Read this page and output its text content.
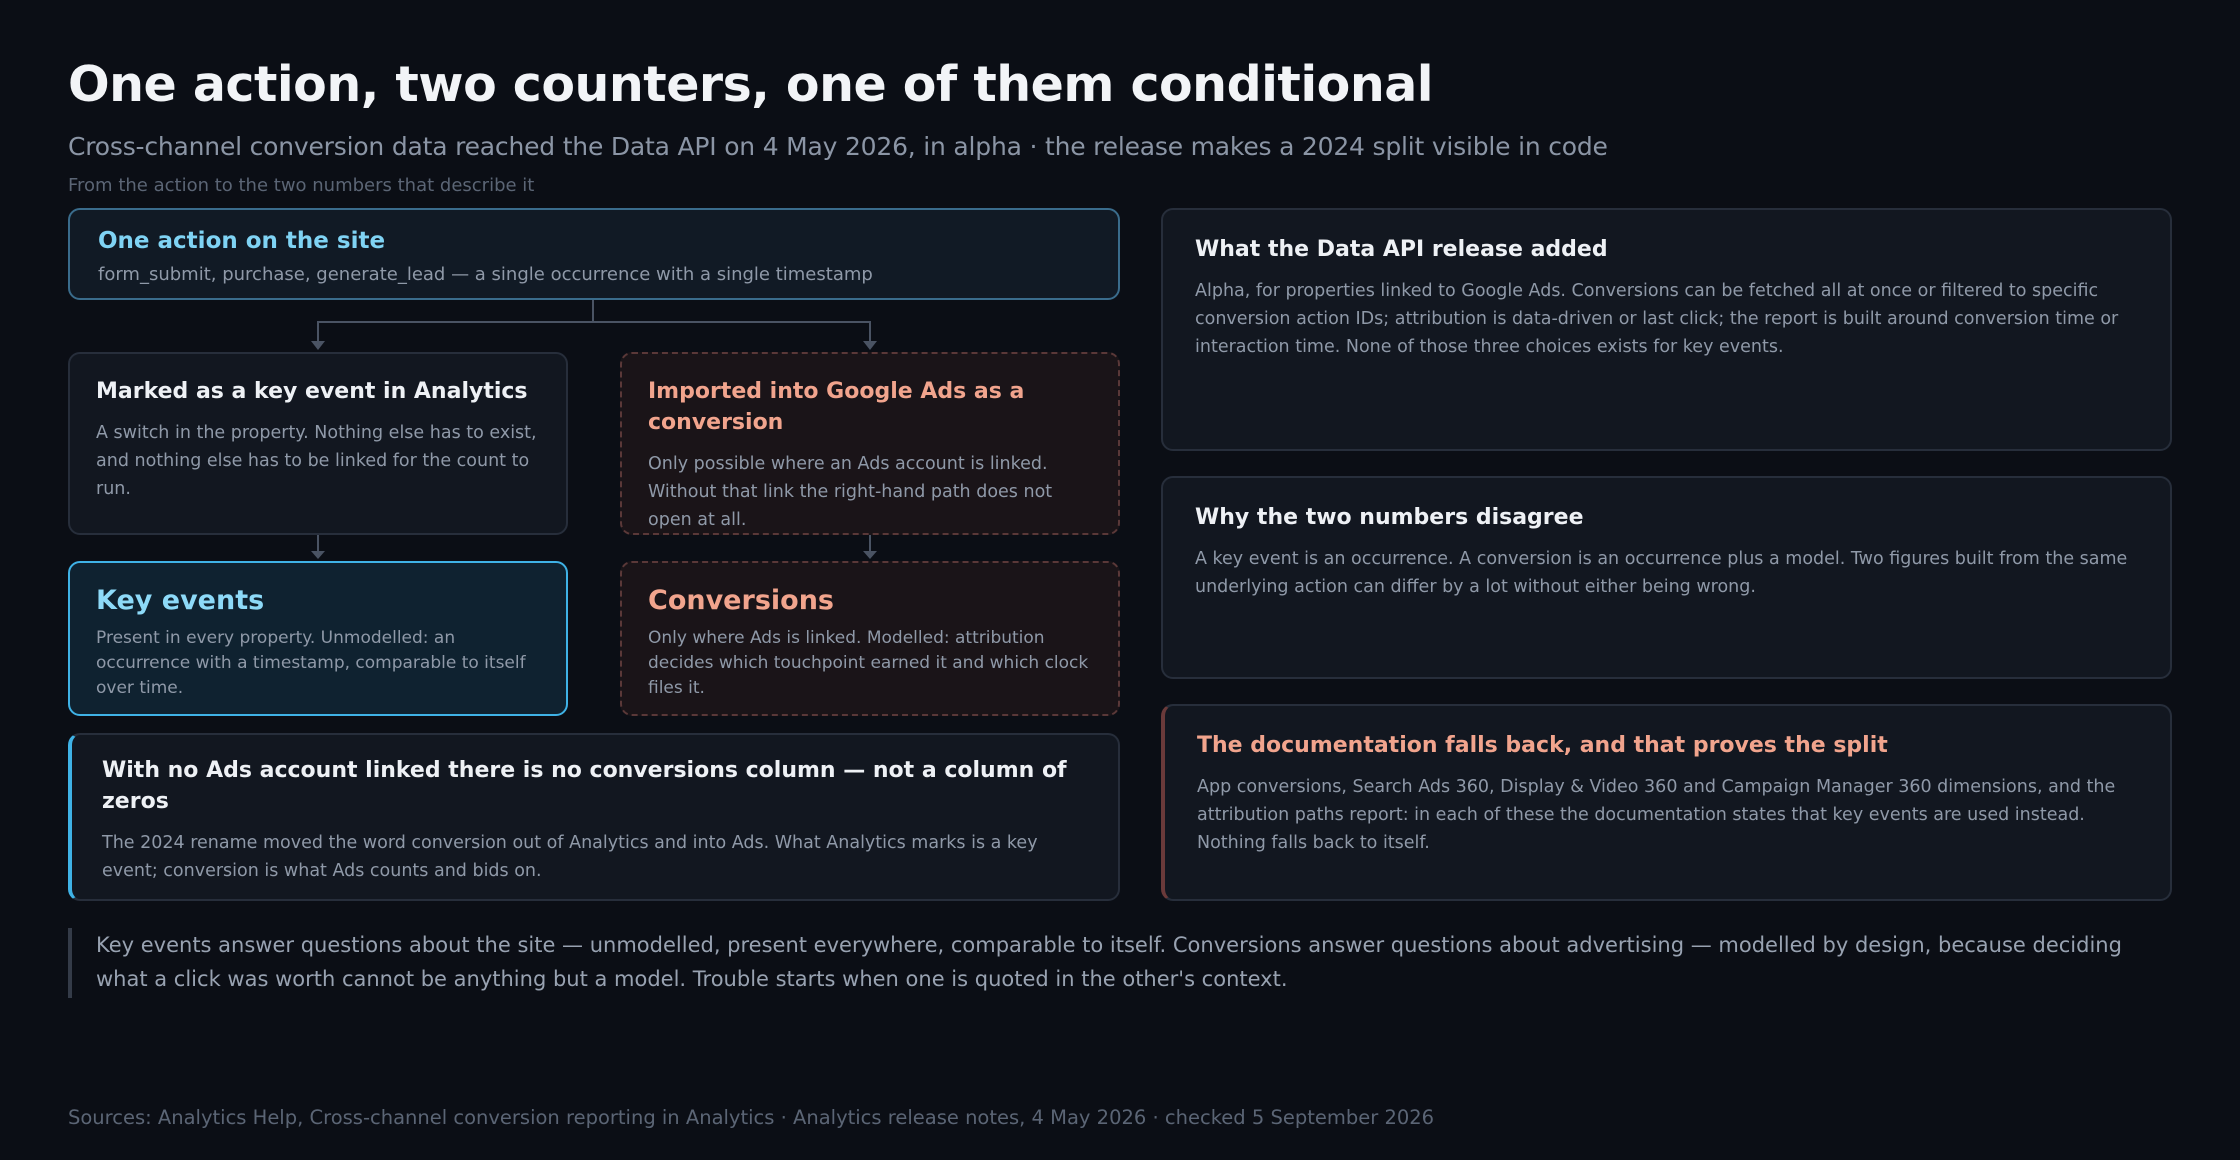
One action, two counters, one of them conditional
Cross-channel conversion data reached the Data API on 4 May 2026, in alpha · the release makes a 2024 split visible in code
From the action to the two numbers that describe it
One action on the site

form_submit, purchase, generate_lead — a single occurrence with a single timestamp

Marked as a key event in Analytics

A switch in the property. Nothing else has to exist, and nothing else has to be linked for the count to run.

Imported into Google Ads as a conversion

Only possible where an Ads account is linked. Without that link the right-hand path does not open at all.

Key events

Present in every property. Unmodelled: an occurrence with a timestamp, comparable to itself over time.

Conversions

Only where Ads is linked. Modelled: attribution decides which touchpoint earned it and which clock files it.

With no Ads account linked there is no conversions column — not a column of zeros

The 2024 rename moved the word conversion out of Analytics and into Ads. What Analytics marks is a key event; conversion is what Ads counts and bids on.

What the Data API release added

Alpha, for properties linked to Google Ads. Conversions can be fetched all at once or filtered to specific conversion action IDs; attribution is data-driven or last click; the report is built around conversion time or interaction time. None of those three choices exists for key events.

Why the two numbers disagree

A key event is an occurrence. A conversion is an occurrence plus a model. Two figures built from the same underlying action can differ by a lot without either being wrong.

The documentation falls back, and that proves the split

App conversions, Search Ads 360, Display & Video 360 and Campaign Manager 360 dimensions, and the attribution paths report: in each of these the documentation states that key events are used instead. Nothing falls back to itself.

Key events answer questions about the site — unmodelled, present everywhere, comparable to itself. Conversions answer questions about advertising — modelled by design, because deciding what a click was worth cannot be anything but a model. Trouble starts when one is quoted in the other's context.
Sources: Analytics Help, Cross-channel conversion reporting in Analytics · Analytics release notes, 4 May 2026 · checked 5 September 2026
